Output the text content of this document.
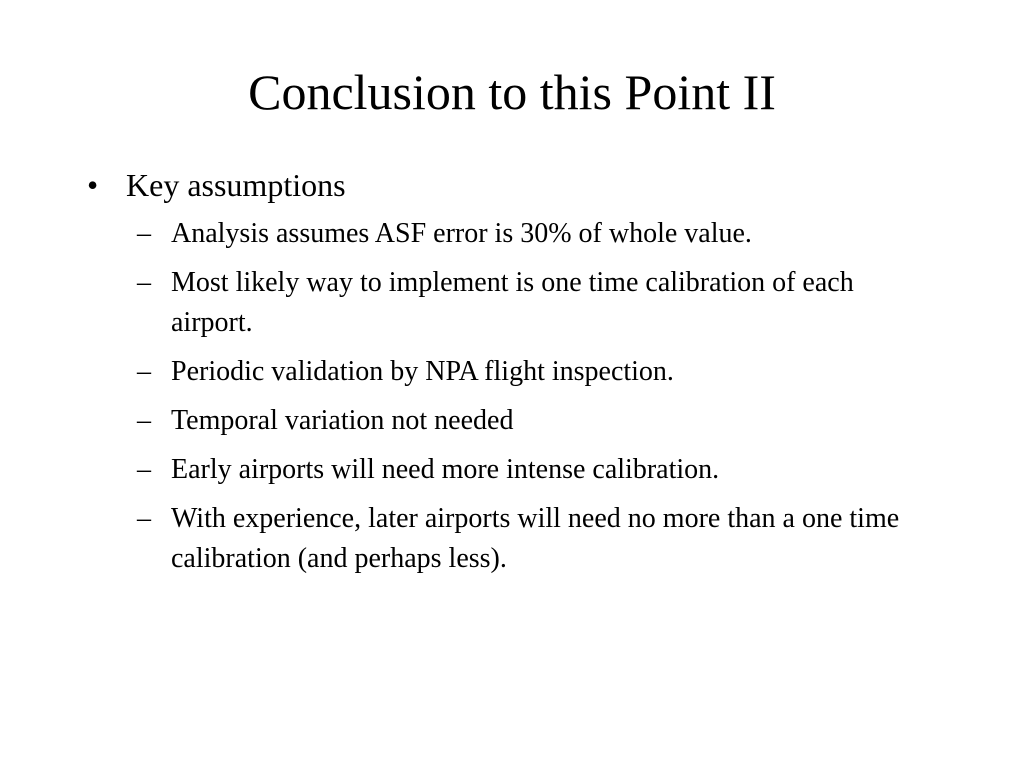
Conclusion to this Point II
• Key assumptions
– Analysis assumes ASF error is 30% of whole value.
– Most likely way to implement is one time calibration of each airport.
– Periodic validation by NPA flight inspection.
– Temporal variation not needed
– Early airports will need more intense calibration.
– With experience, later airports will need no more than a one time calibration (and perhaps less).
